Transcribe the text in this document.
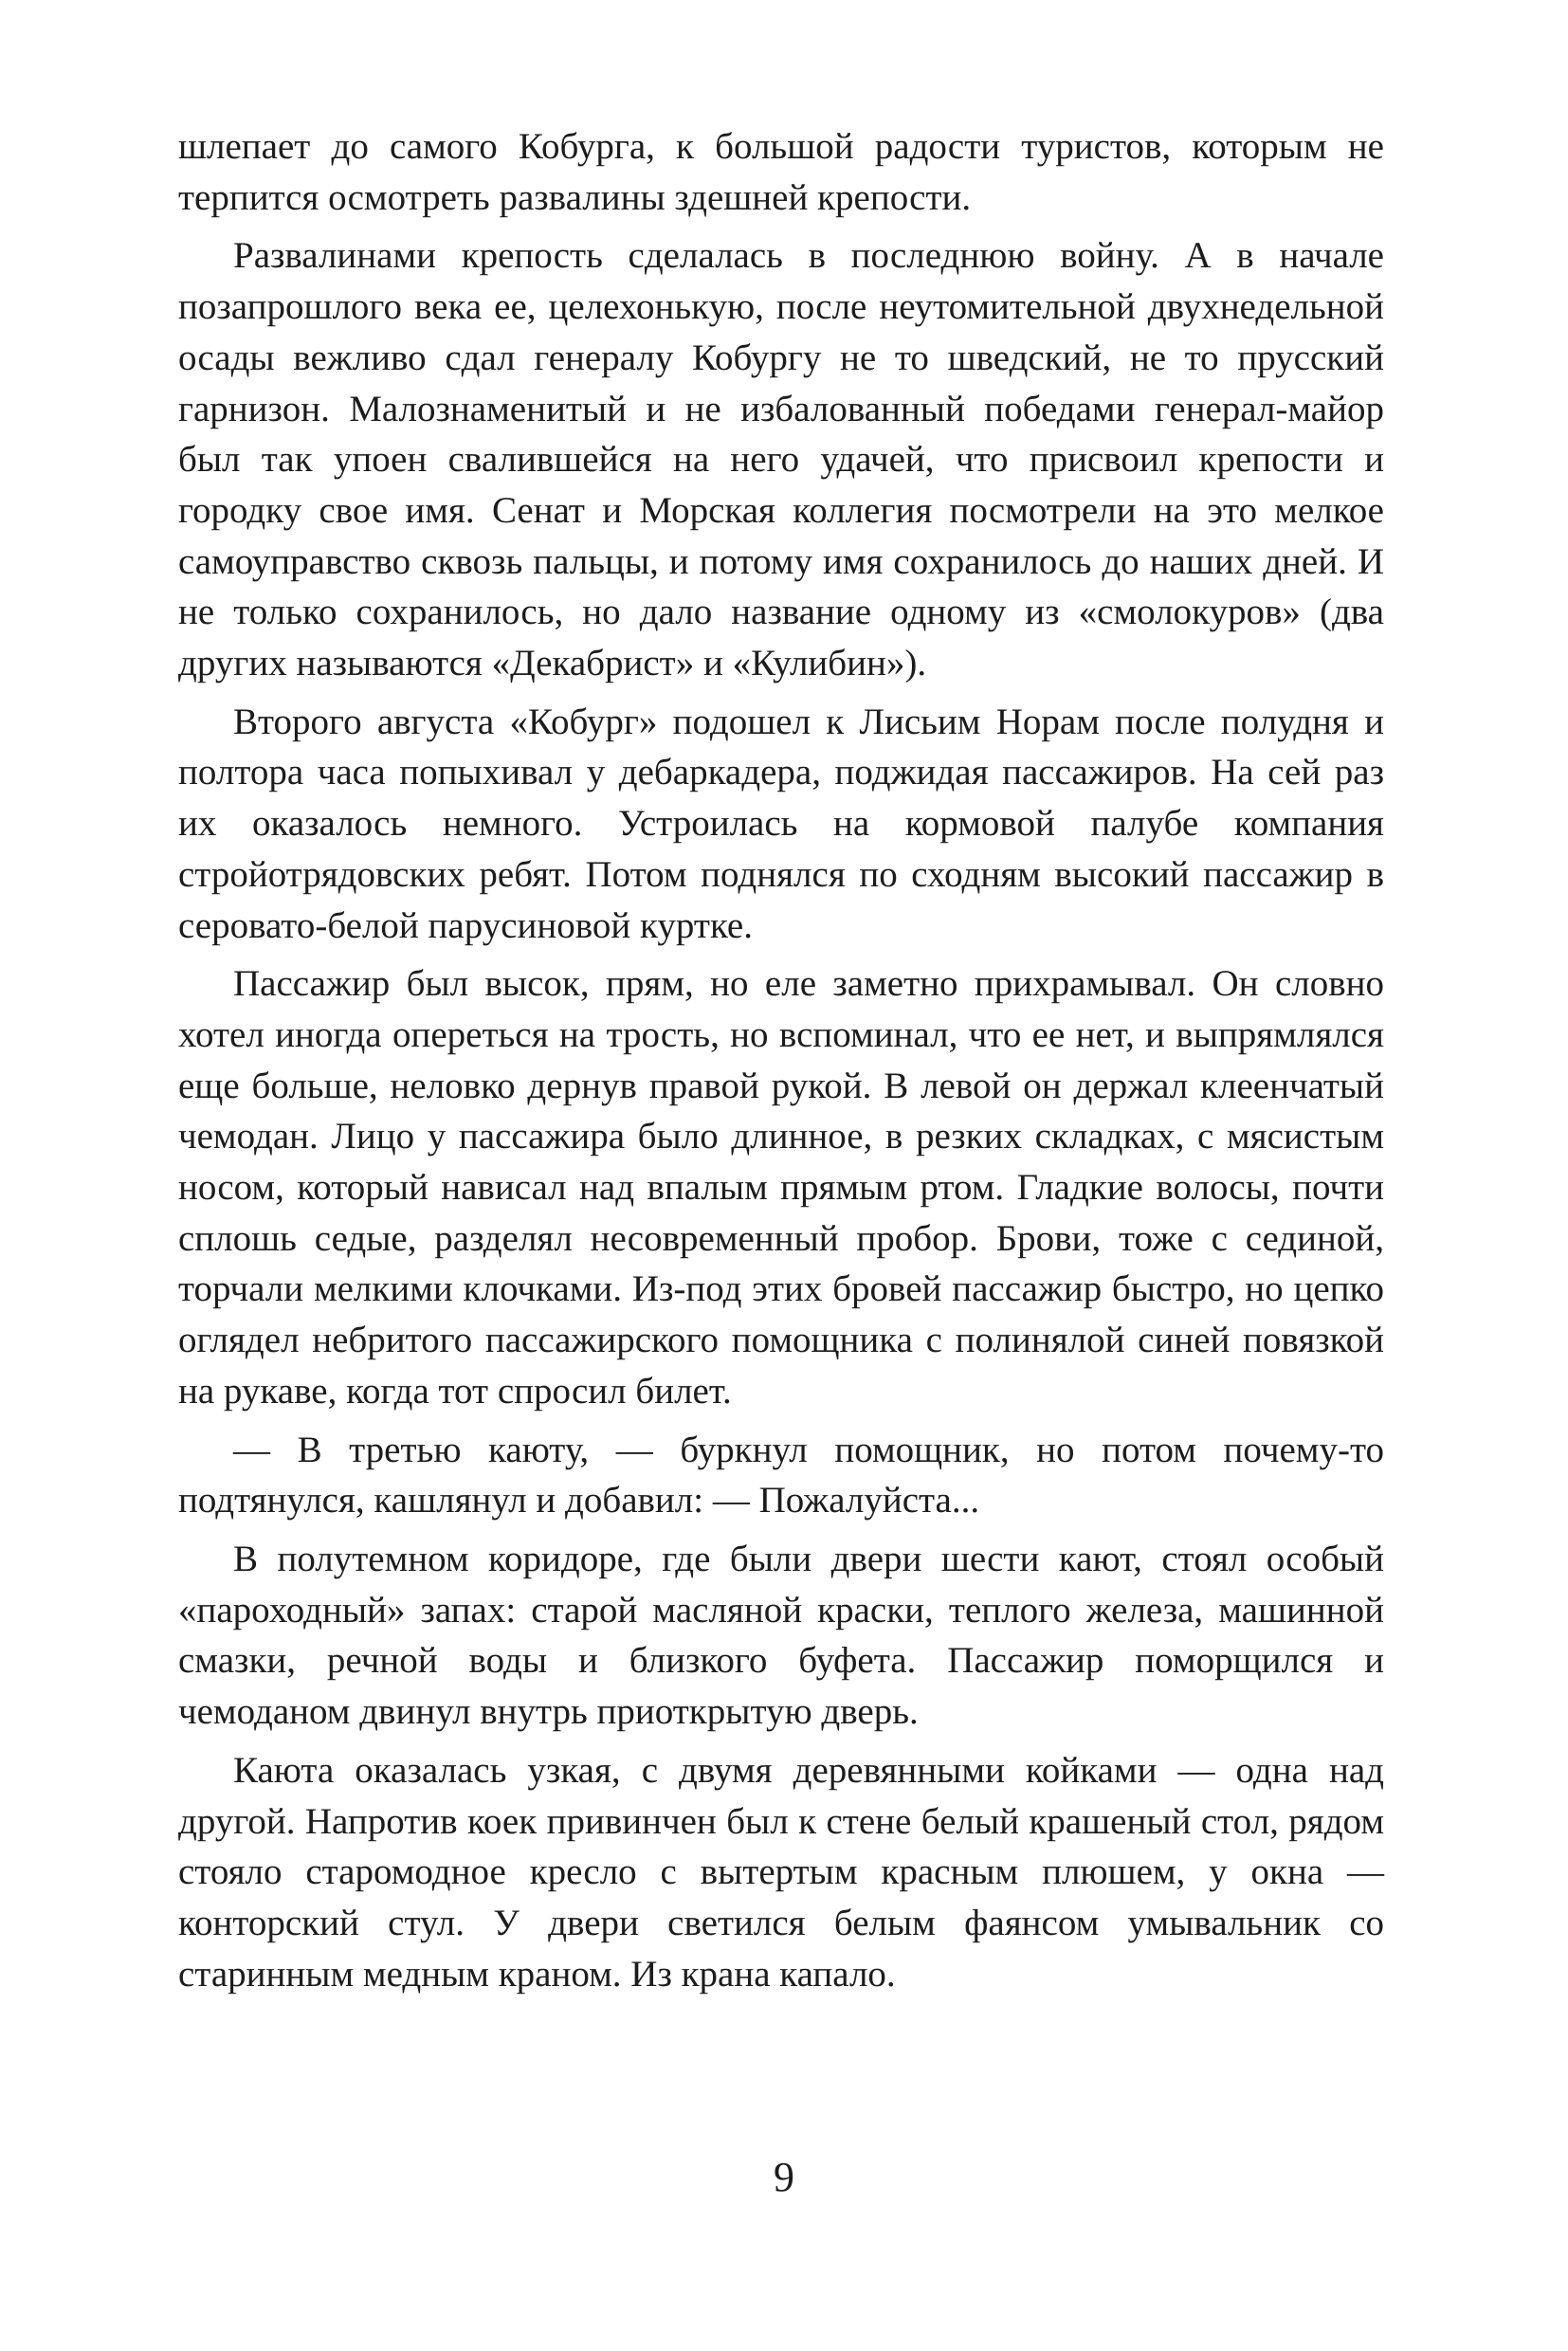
шлепает до самого Кобурга, к большой радости туристов, которым не терпится осмотреть развалины здешней крепости.

Развалинами крепость сделалась в последнюю войну. А в начале позапрошлого века ее, целехонькую, после неутомительной двухнедельной осады вежливо сдал генералу Кобургу не то шведский, не то прусский гарнизон. Малознаменитый и не избалованный победами генерал-майор был так упоен свалившейся на него удачей, что присвоил крепости и городку свое имя. Сенат и Морская коллегия посмотрели на это мелкое самоуправство сквозь пальцы, и потому имя сохранилось до наших дней. И не только сохранилось, но дало название одному из «смолокуров» (два других называются «Декабрист» и «Кулибин»).

Второго августа «Кобург» подошел к Лисьим Норам после полудня и полтора часа попыхивал у дебаркадера, поджидая пассажиров. На сей раз их оказалось немного. Устроилась на кормовой палубе компания стройотрядовских ребят. Потом поднялся по сходням высокий пассажир в серовато-белой парусиновой куртке.

Пассажир был высок, прям, но еле заметно прихрамывал. Он словно хотел иногда опереться на трость, но вспоминал, что ее нет, и выпрямлялся еще больше, неловко дернув правой рукой. В левой он держал клеенчатый чемодан. Лицо у пассажира было длинное, в резких складках, с мясистым носом, который нависал над впалым прямым ртом. Гладкие волосы, почти сплошь седые, разделял несовременный пробор. Брови, тоже с сединой, торчали мелкими клочками. Из-под этих бровей пассажир быстро, но цепко оглядел небритого пассажирского помощника с полинялой синей повязкой на рукаве, когда тот спросил билет.

— В третью каюту, — буркнул помощник, но потом почему-то подтянулся, кашлянул и добавил: — Пожалуйста...

В полутемном коридоре, где были двери шести кают, стоял особый «пароходный» запах: старой масляной краски, теплого железа, машинной смазки, речной воды и близкого буфета. Пассажир поморщился и чемоданом двинул внутрь приоткрытую дверь.

Каюта оказалась узкая, с двумя деревянными койками — одна над другой. Напротив коек привинчен был к стене белый крашеный стол, рядом стояло старомодное кресло с вытертым красным плюшем, у окна — конторский стул. У двери светился белым фаянсом умывальник со старинным медным краном. Из крана капало.

9
